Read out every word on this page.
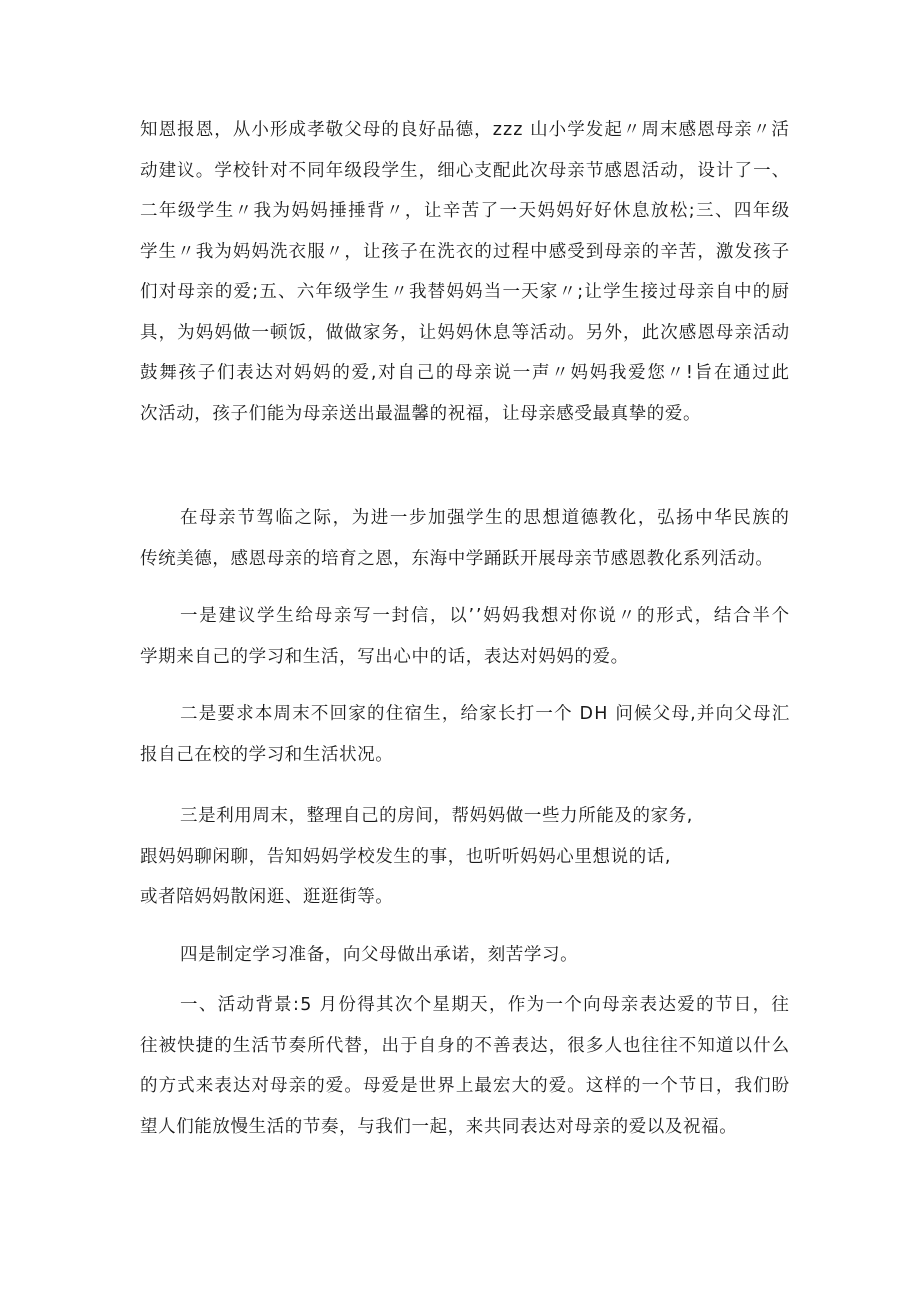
知 恩 报 恩 ， 从 小 形 成 孝 敬 父 母 的 良 好 品 德 ， z z z
山 小 学 发 起 〃 周 末 感 恩 母 亲 〃 活
动 建 议 。 学 校 针 对 不 同 年 级 段 学 生 ， 细 心 支 配 此 次 母 亲 节 感 恩 活 动 ， 设 计 了 一 、
二 年 级 学 生 〃 我 为 妈 妈 捶 捶 背 〃 ， 让 辛 苦 了 一 天 妈 妈 好 好 休 息 放 松 ; 三 、 四 年 级
学 生 〃 我 为 妈 妈 洗 衣 服 〃 ， 让 孩 子 在 洗 衣 的 过 程 中 感 受 到 母 亲 的 辛 苦 ， 激 发 孩 子
们 对 母 亲 的 爱 ; 五 、 六 年 级 学 生 〃 我 替 妈 妈 当 一 天 家 〃 ; 让 学 生 接 过 母 亲 自 中 的 厨
具 ， 为 妈 妈 做 一 顿 饭 ， 做 做 家 务 ， 让 妈 妈 休 息 等 活 动 。 另 外 ， 此 次 感 恩 母 亲 活 动
鼓 舞 孩 子 们 表 达 对 妈 妈 的 爱 , 对 自 己 的 母 亲 说 一 声 〃 妈 妈 我 爱 您 〃 ! 旨 在 通 过 此
次活动，孩子们能为母亲送出最温馨的祝福，让母亲感受最真挚的爱。
在 母 亲 节 驾 临 之 际 ， 为 进 一 步 加 强 学 生 的 思 想 道 德 教 化 ， 弘 扬 中 华 民 族 的
传统美德，感恩母亲的培育之恩，东海中学踊跃开展母亲节感恩教化系列活动。
一 是 建 议 学 生 给 母 亲 写 一 封 信 ， 以 ’ ’ 妈 妈 我 想 对 你 说 〃 的 形 式 ， 结 合 半 个
学期来自己的学习和生活，写出心中的话，表达对妈妈的爱。
二 是 要 求 本 周 末 不 回 家 的 住 宿 生 ， 给 家 长 打 一 个
D H
问 候 父 母 , 并 向 父 母 汇
报自己在校的学习和生活状况。
三是利用周末，整理自己的房间，帮妈妈做一些力所能及的家务,
跟妈妈聊闲聊，告知妈妈学校发生的事，也听听妈妈心里想说的话,
或者陪妈妈散闲逛、逛逛街等。
四是制定学习准备，向父母做出承诺，刻苦学习。
一 、 活 动 背 景 : 5
月 份 得 其 次 个 星 期 天 ， 作 为 一 个 向 母 亲 表 达 爱 的 节 日 ， 往
往 被 快 捷 的 生 活 节 奏 所 代 替 ， 出 于 自 身 的 不 善 表 达 ， 很 多 人 也 往 往 不 知 道 以 什 么
的 方 式 来 表 达 对 母 亲 的 爱 。 母 爱 是 世 界 上 最 宏 大 的 爱 。 这 样 的 一 个 节 日 ， 我 们 盼
望人们能放慢生活的节奏，与我们一起，来共同表达对母亲的爱以及祝福。
